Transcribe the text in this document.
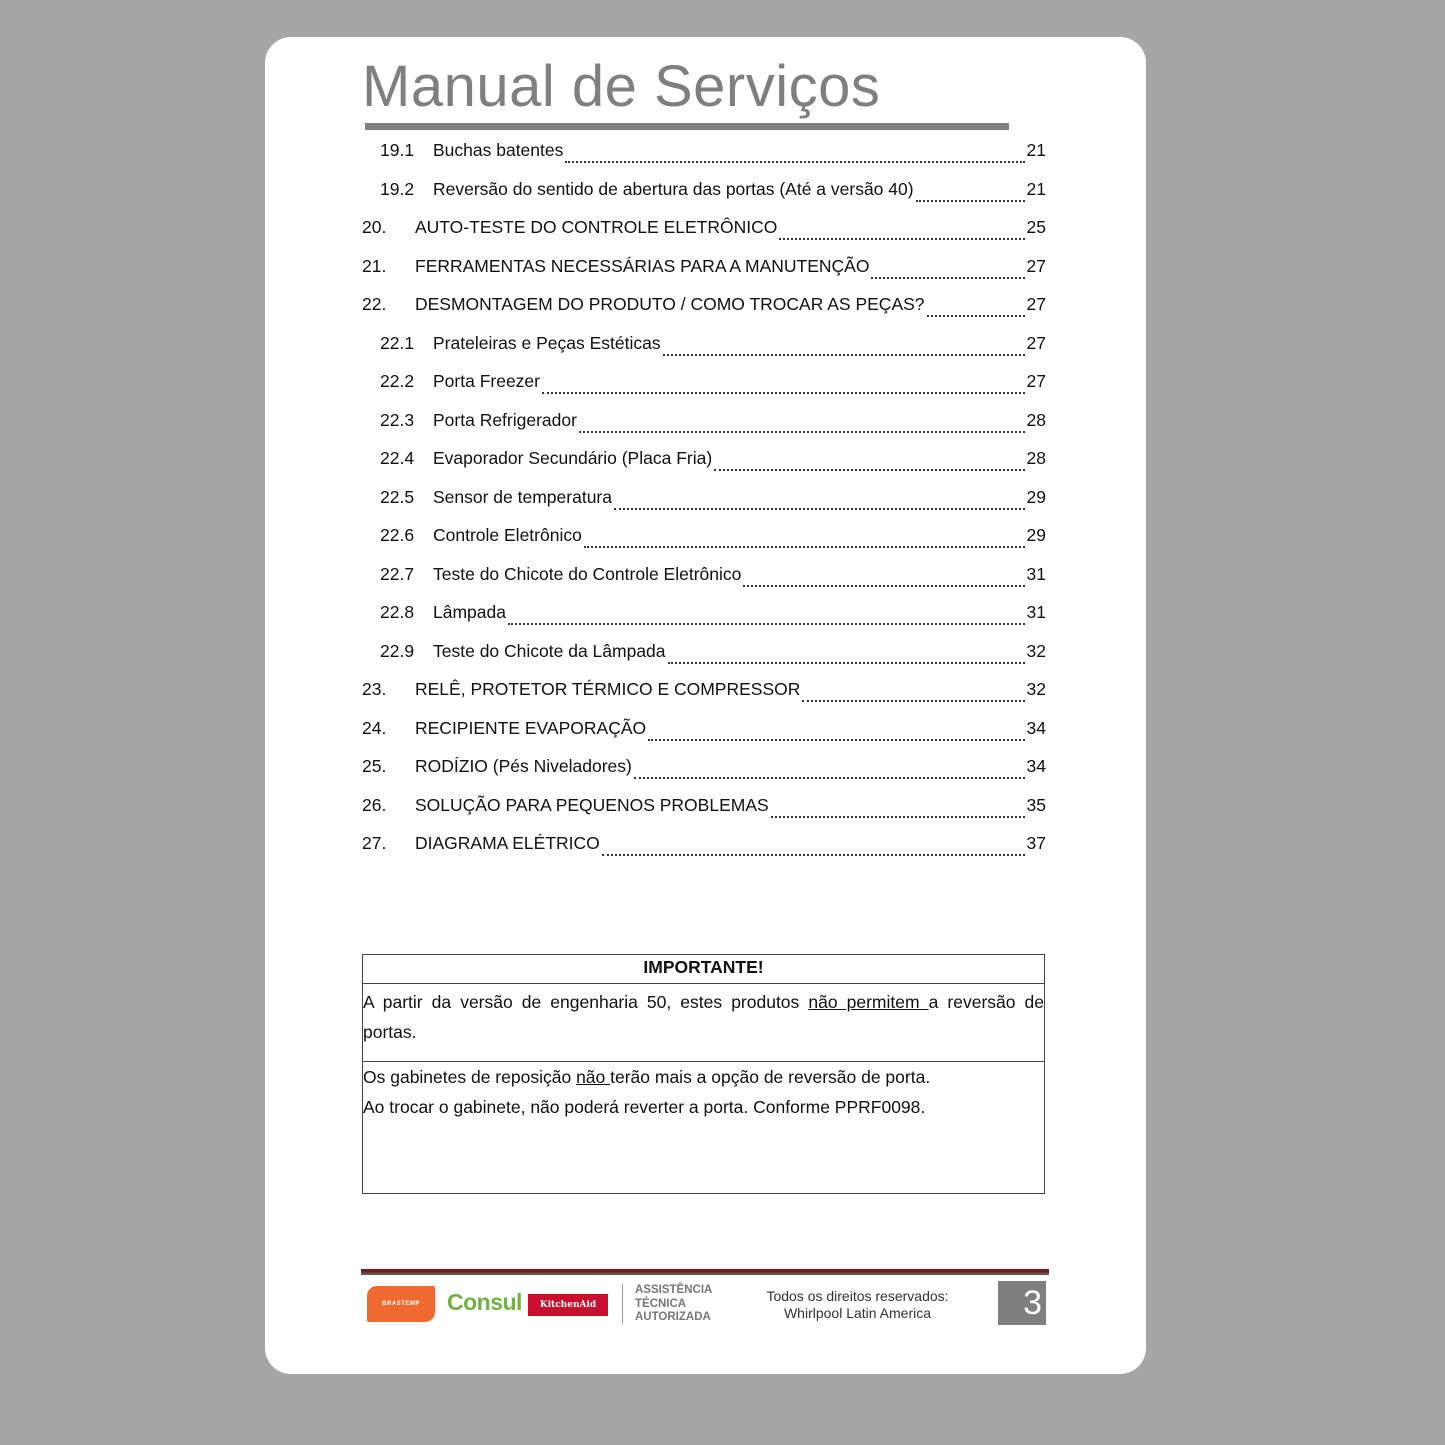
Manual de Serviços
19.1	Buchas batentes	21
19.2	Reversão do sentido de abertura das portas (Até a versão 40)	21
20.	AUTO-TESTE DO CONTROLE ELETRÔNICO	25
21.	FERRAMENTAS NECESSÁRIAS PARA A MANUTENÇÃO	27
22.	DESMONTAGEM DO PRODUTO / COMO TROCAR AS PEÇAS?	27
22.1	Prateleiras e Peças Estéticas	27
22.2	Porta Freezer	27
22.3	Porta Refrigerador	28
22.4	Evaporador Secundário (Placa Fria)	28
22.5	Sensor de temperatura	29
22.6	Controle Eletrônico	29
22.7	Teste do Chicote do Controle Eletrônico	31
22.8	Lâmpada	31
22.9	Teste do Chicote da Lâmpada	32
23.	RELÊ, PROTETOR TÉRMICO E COMPRESSOR	32
24.	RECIPIENTE EVAPORAÇÃO	34
25.	RODÍZIO (Pés Niveladores)	34
26.	SOLUÇÃO PARA PEQUENOS PROBLEMAS	35
27.	DIAGRAMA ELÉTRICO	37
IMPORTANTE!
A partir da versão de engenharia 50, estes produtos não permitem a reversão de portas.
Os gabinetes de reposição não terão mais a opção de reversão de porta.
Ao trocar o gabinete, não poderá reverter a porta. Conforme PPRF0098.
BRASTEMP	Consul	KitchenAid
ASSISTÊNCIA
TÉCNICA
AUTORIZADA
Todos os direitos reservados:
Whirlpool Latin America	3
